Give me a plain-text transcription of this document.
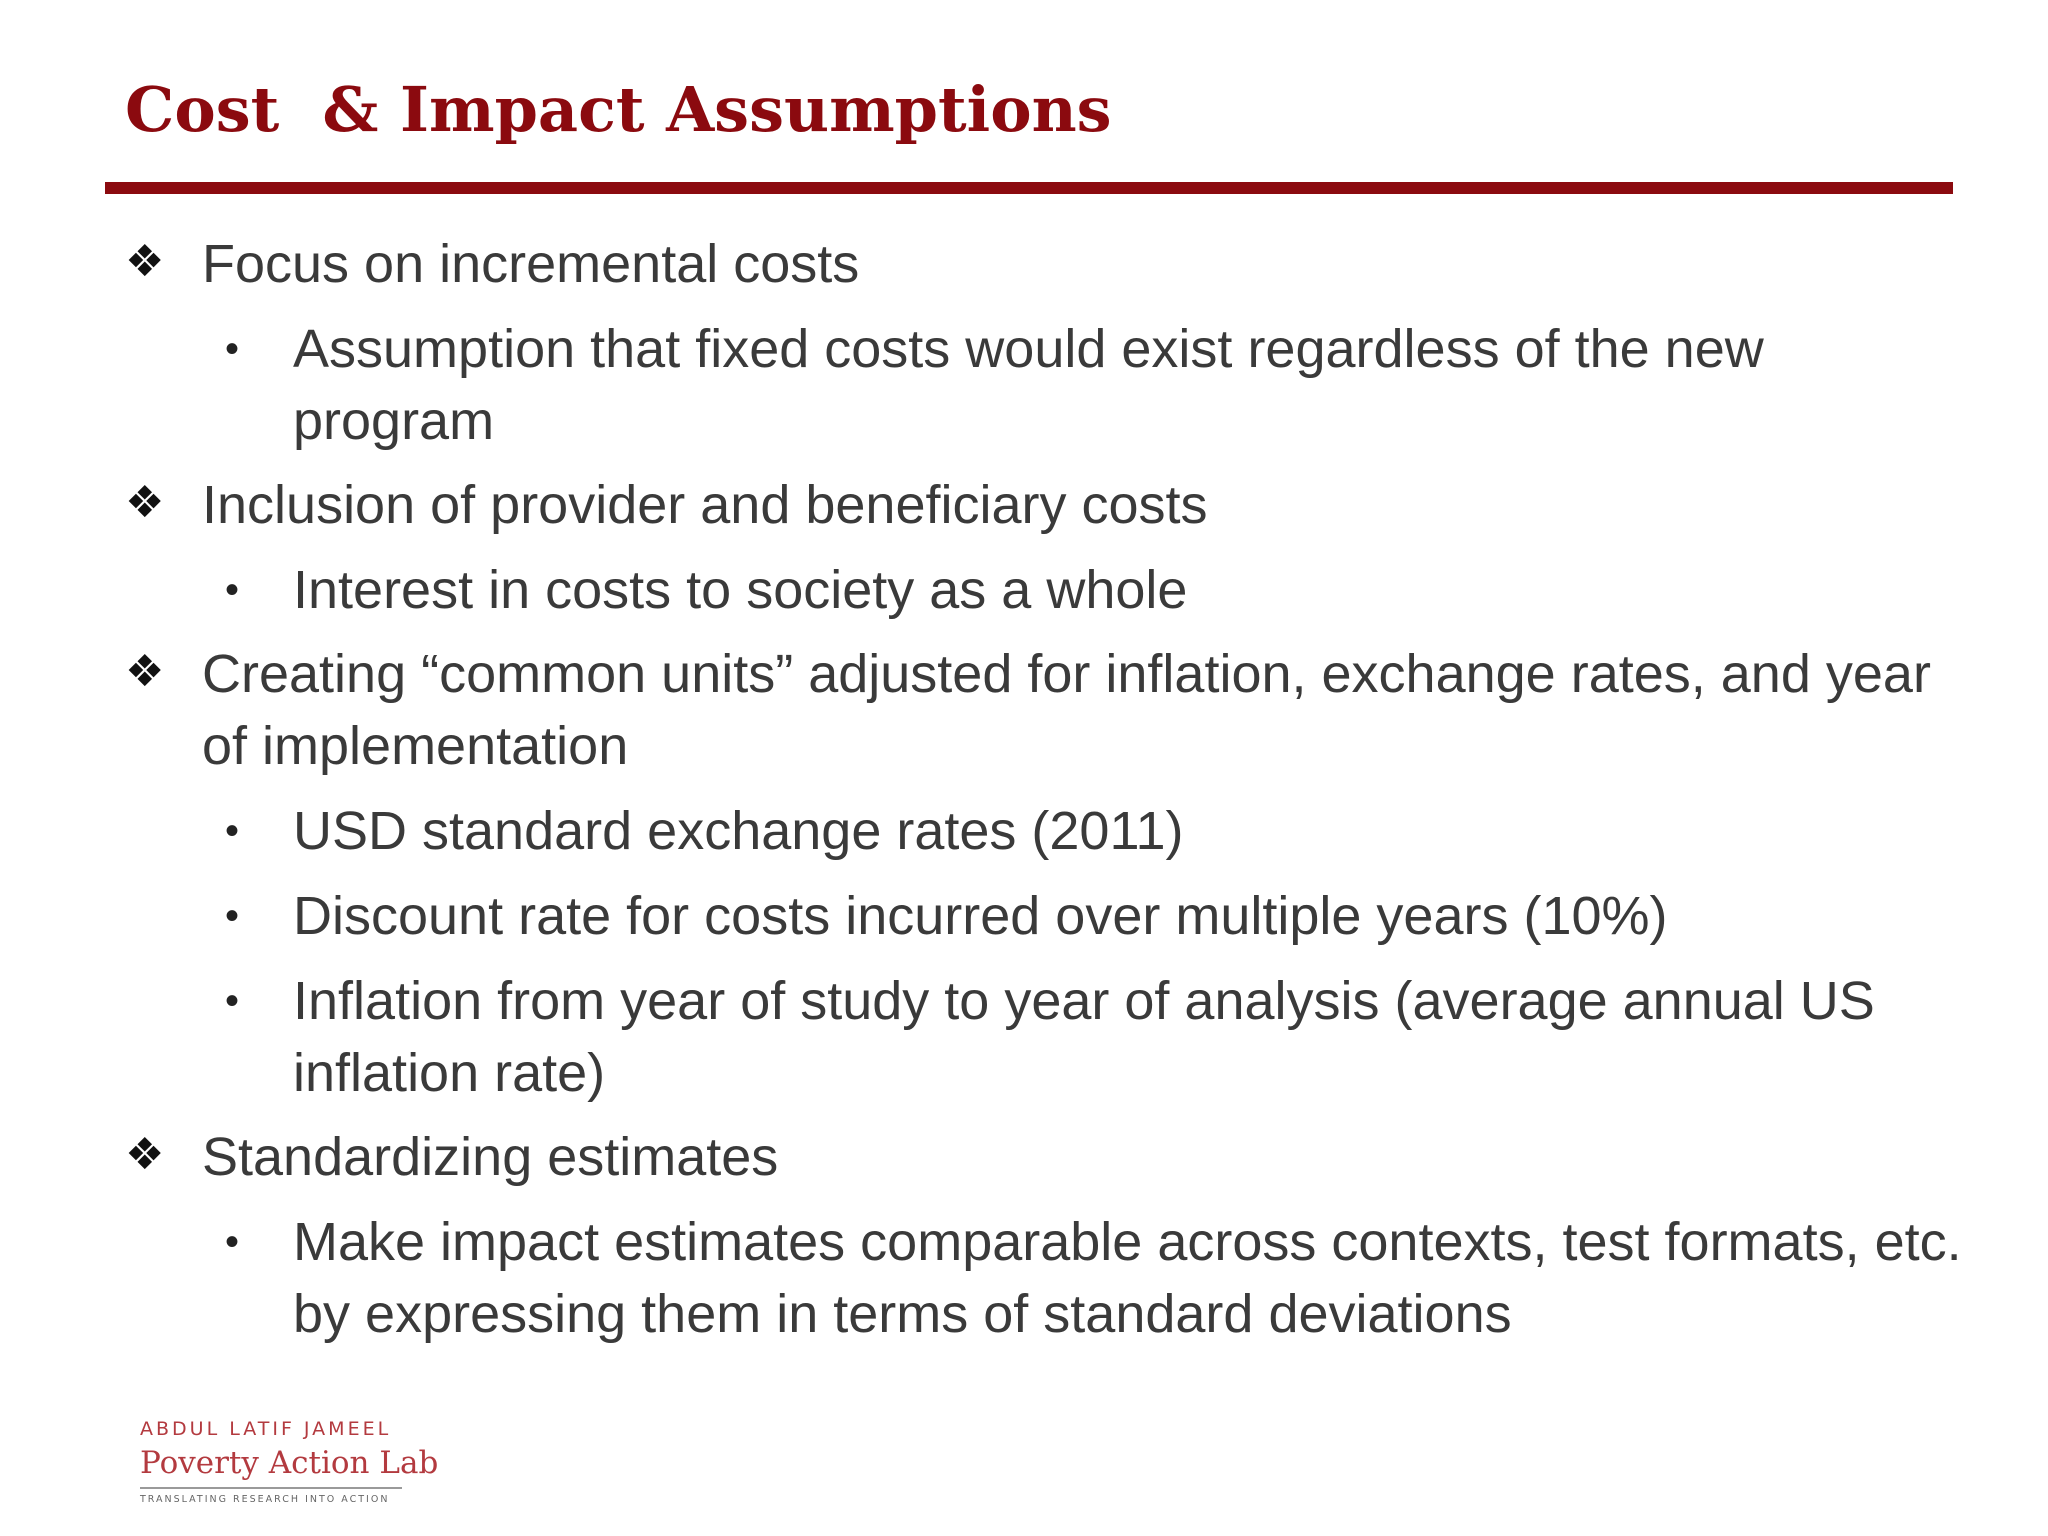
Cost  & Impact Assumptions
❖ Focus on incremental costs
• Assumption that fixed costs would exist regardless of the new program
❖ Inclusion of provider and beneficiary costs
• Interest in costs to society as a whole
❖ Creating “common units” adjusted for inflation, exchange rates, and year of implementation
• USD standard exchange rates (2011)
• Discount rate for costs incurred over multiple years (10%)
• Inflation from year of study to year of analysis (average annual US inflation rate)
❖ Standardizing estimates
• Make impact estimates comparable across contexts, test formats, etc. by expressing them in terms of standard deviations
ABDUL LATIF JAMEEL
Poverty Action Lab
TRANSLATING RESEARCH INTO ACTION
